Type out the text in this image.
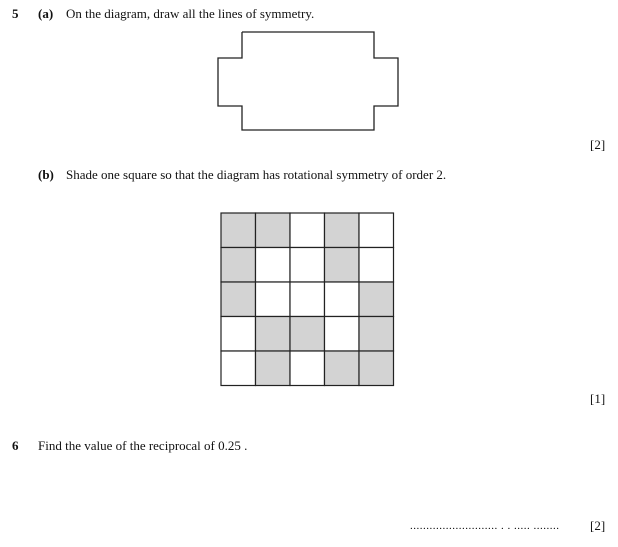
5 (a) On the diagram, draw all the lines of symmetry.
[2]
(b) Shade one square so that the diagram has rotational symmetry of order 2.
[1]
6 Find the value of the reciprocal of 0.25 .
........................... . . ..... ........ [2]
